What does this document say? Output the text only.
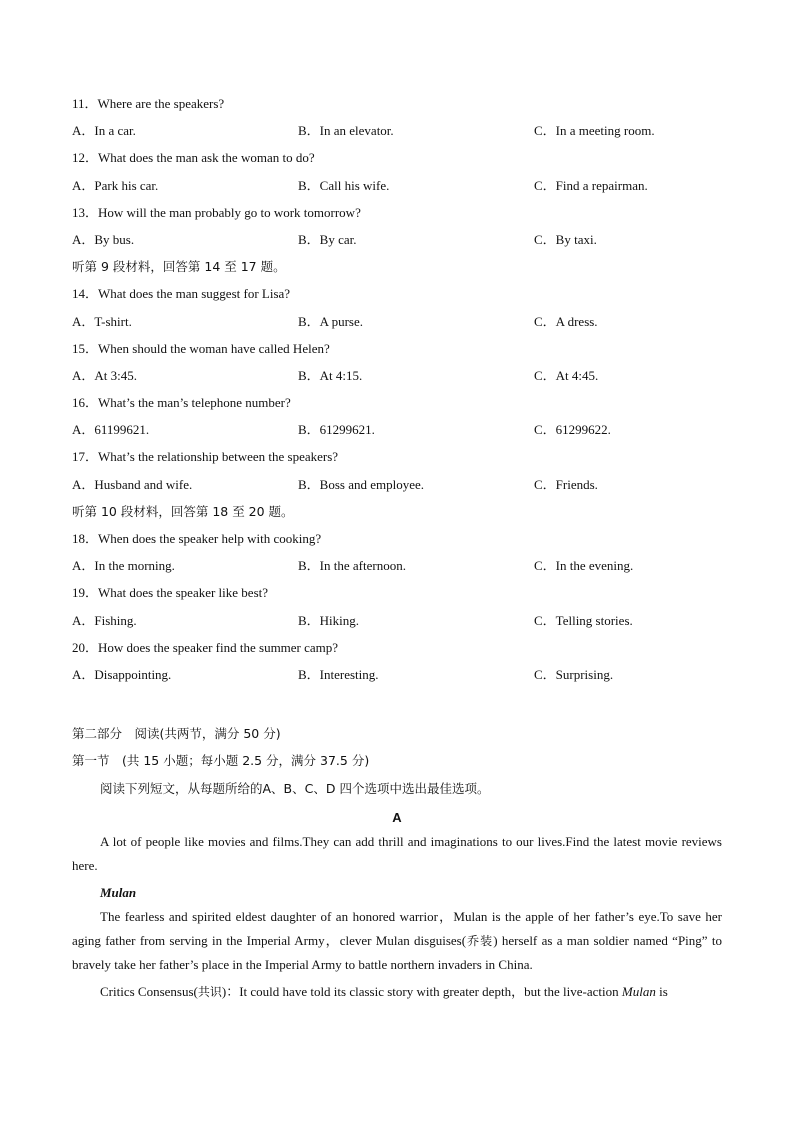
11．Where are the speakers?
A．In a car.	B．In an elevator.	C．In a meeting room.
12．What does the man ask the woman to do?
A．Park his car.	B．Call his wife.	C．Find a repairman.
13．How will the man probably go to work tomorrow?
A．By bus.	B．By car.	C．By taxi.
听第 9 段材料，回答第 14 至 17 题。
14．What does the man suggest for Lisa?
A．T-shirt.	B．A purse.	C．A dress.
15．When should the woman have called Helen?
A．At 3:45.	B．At 4:15.	C．At 4:45.
16．What’s the man’s telephone number?
A．61199621.	B．61299621.	C．61299622.
17．What’s the relationship between the speakers?
A．Husband and wife.	B．Boss and employee.	C．Friends.
听第 10 段材料，回答第 18 至 20 题。
18．When does the speaker help with cooking?
A．In the morning.	B．In the afternoon.	C．In the evening.
19．What does the speaker like best?
A．Fishing.	B．Hiking.	C．Telling stories.
20．How does the speaker find the summer camp?
A．Disappointing.	B．Interesting.	C．Surprising.
第二部分　阅读(共两节，满分 50 分)
第一节　(共 15 小题；每小题 2.5 分，满分 37.5 分)
阅读下列短文，从每题所给的A、B、C、D 四个选项中选出最佳选项。
A
A lot of people like movies and films.They can add thrill and imaginations to our lives.Find the latest movie reviews here.
Mulan
The fearless and spirited eldest daughter of an honored warrior，Mulan is the apple of her father’s eye.To save her aging father from serving in the Imperial Army，clever Mulan disguises(乔装) herself as a man soldier named “Ping” to bravely take her father’s place in the Imperial Army to battle northern invaders in China.
Critics Consensus(共识)：It could have told its classic story with greater depth，but the live-action Mulan is
